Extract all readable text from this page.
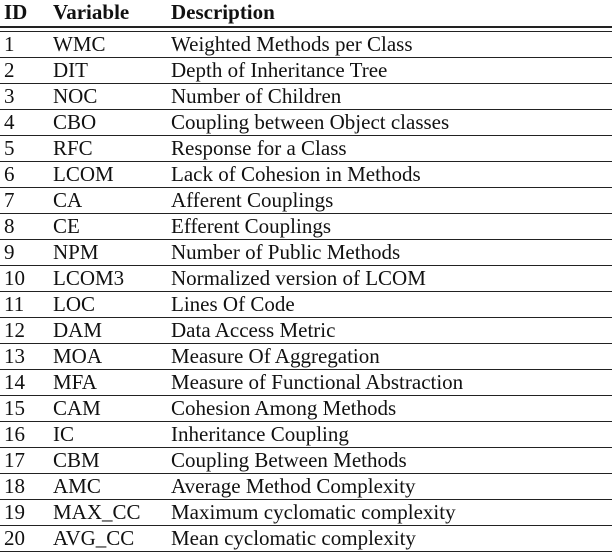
ID Variable Description
1 WMC	Weighted Methods per Class
2 DIT	Depth of Inheritance Tree
3 NOC	Number of Children
4 CBO	Coupling between Object classes
5 RFC	Response for a Class
6 LCOM	Lack of Cohesion in Methods
7 CA	Afferent Couplings
8 CE	Efferent Couplings
9 NPM	Number of Public Methods
10 LCOM3 Normalized version of LCOM
11 LOC	Lines Of Code
12 DAM	Data Access Metric
13 MOA	Measure Of Aggregation
14 MFA	Measure of Functional Abstraction
15 CAM	Cohesion Among Methods
16 IC	Inheritance Coupling
17 CBM	Coupling Between Methods
18 AMC	Average Method Complexity
19 MAX_CC Maximum cyclomatic complexity
20 AVG_CC Mean cyclomatic complexity
